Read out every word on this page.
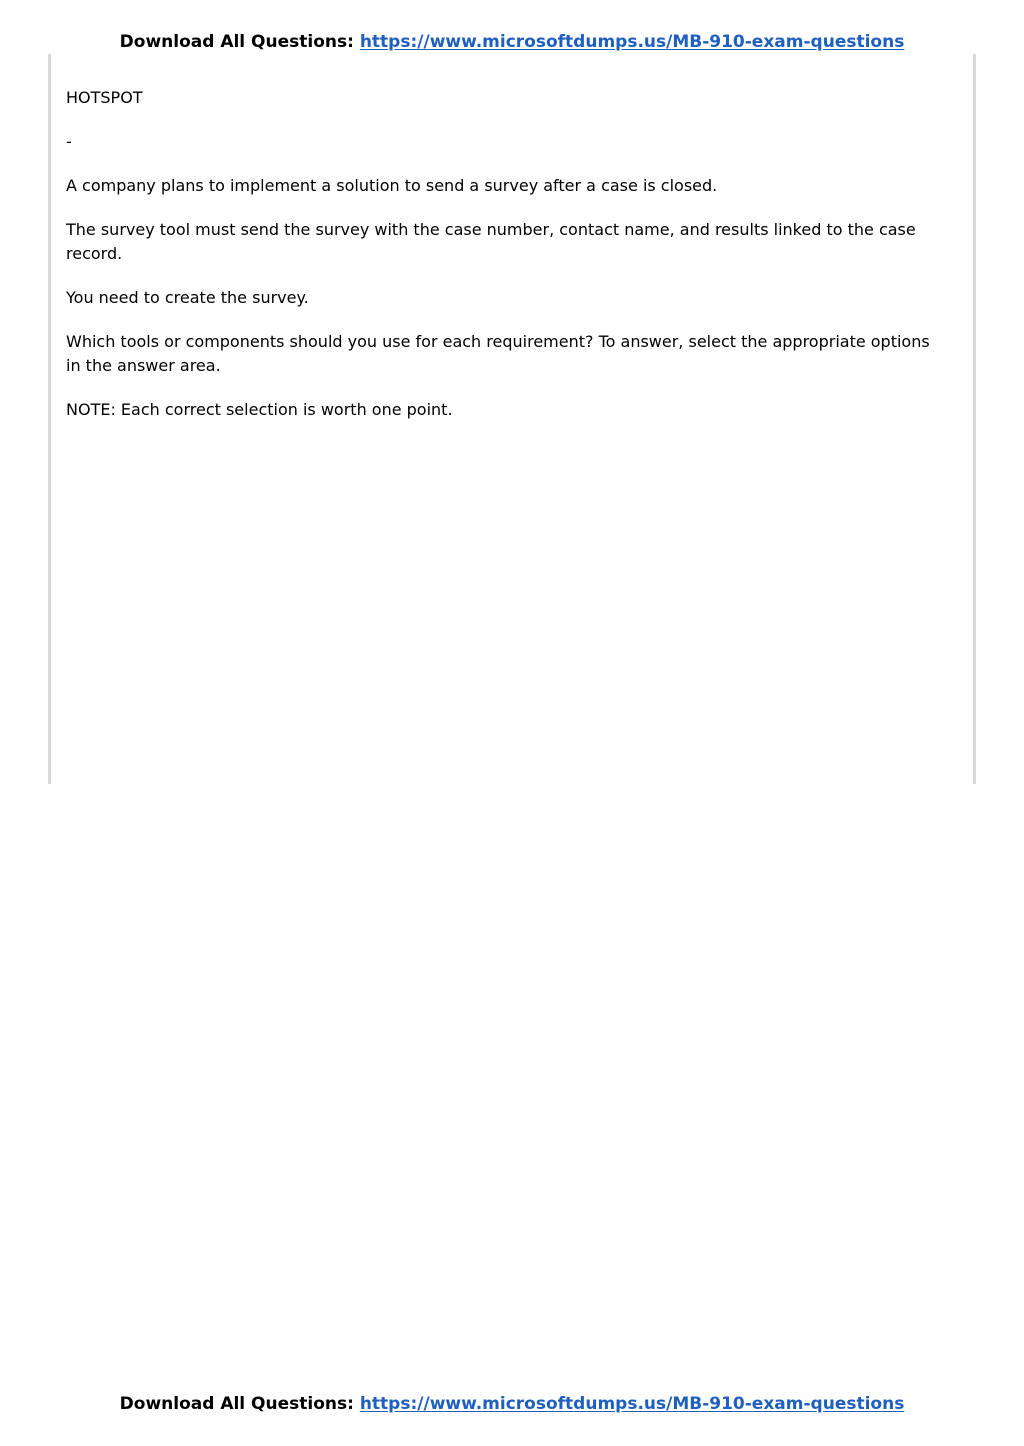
Download All Questions: https://www.microsoftdumps.us/MB-910-exam-questions

HOTSPOT

-

A company plans to implement a solution to send a survey after a case is closed.

The survey tool must send the survey with the case number, contact name, and results linked to the case record.

You need to create the survey.

Which tools or components should you use for each requirement? To answer, select the appropriate options in the answer area.

NOTE: Each correct selection is worth one point.

Download All Questions: https://www.microsoftdumps.us/MB-910-exam-questions
